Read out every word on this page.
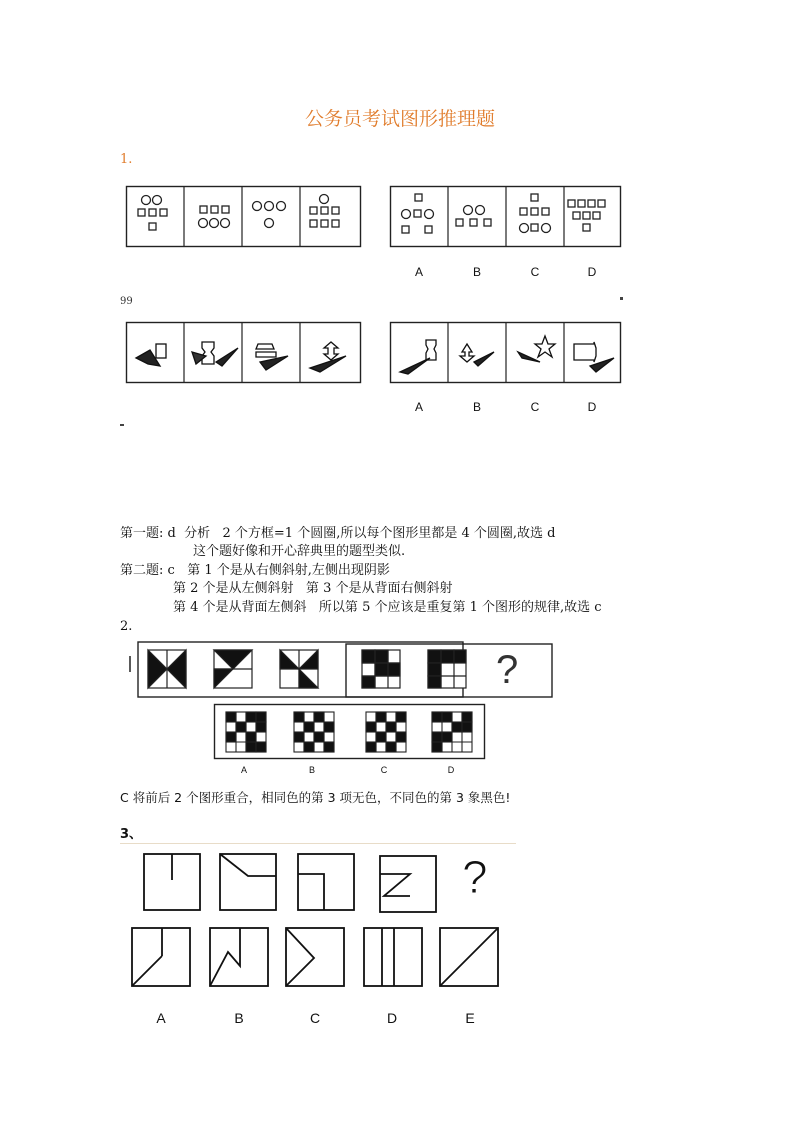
公务员考试图形推理题
1.
A	B	C	D
99
A	B	C	D
第一题: d  分析   2 个方框=1 个圆圈,所以每个图形里都是 4 个圆圈,故选 d
这个题好像和开心辞典里的题型类似.
第二题: c   第 1 个是从右侧斜射,左侧出现阴影
第 2 个是从左侧斜射   第 3 个是从背面右侧斜射
第 4 个是从背面左侧斜   所以第 5 个应该是重复第 1 个图形的规律,故选 c
2.
?
A	B	C	D
C 将前后 2 个图形重合，相同色的第 3 项无色，不同色的第 3 象黑色!
3、
?
A	B	C	D	E
